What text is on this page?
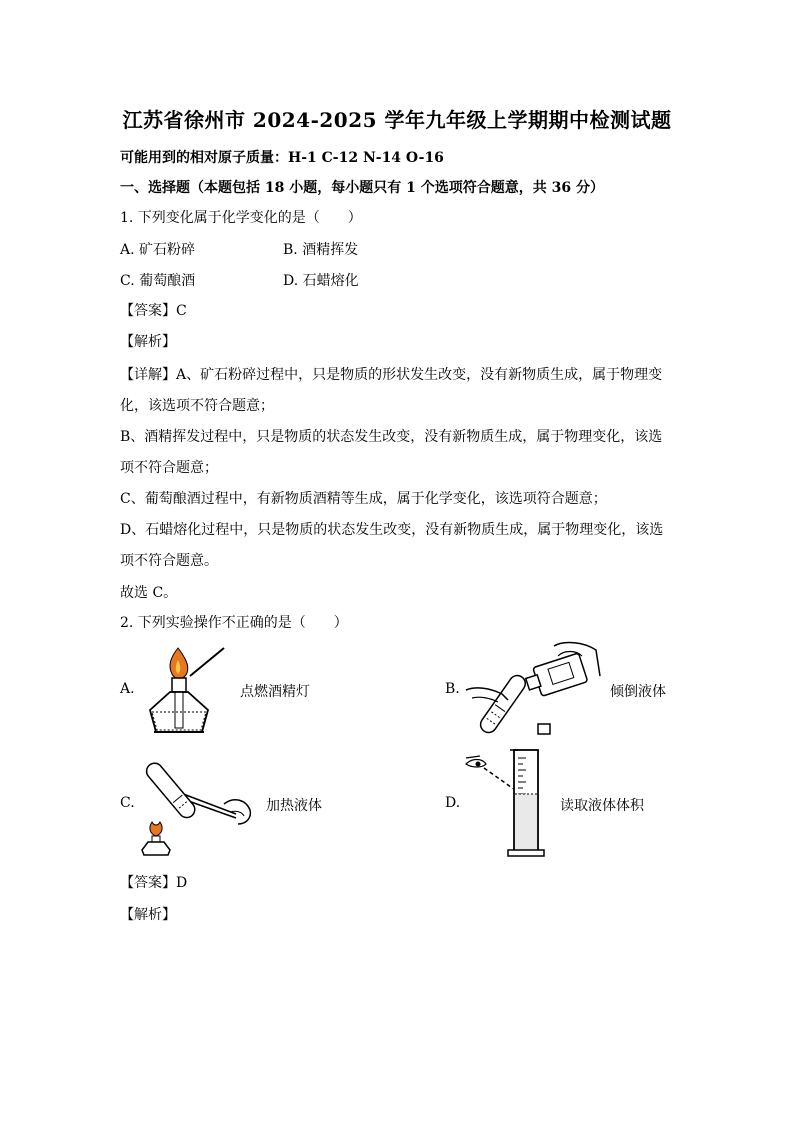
江苏省徐州市 2024-2025 学年九年级上学期期中检测试题
可能用到的相对原子质量：H-1 C-12 N-14 O-16
一、选择题（本题包括 18 小题，每小题只有 1 个选项符合题意，共 36 分）
1. 下列变化属于化学变化的是（　　）
A. 矿石粉碎	B. 酒精挥发
C. 葡萄酿酒	D. 石蜡熔化
【答案】C
【解析】
【详解】A、矿石粉碎过程中，只是物质的形状发生改变，没有新物质生成，属于物理变
化，该选项不符合题意；
B、酒精挥发过程中，只是物质的状态发生改变，没有新物质生成，属于物理变化，该选
项不符合题意；
C、葡萄酿酒过程中，有新物质酒精等生成，属于化学变化，该选项符合题意；
D、石蜡熔化过程中，只是物质的状态发生改变，没有新物质生成，属于物理变化，该选
项不符合题意。
故选 C。
2. 下列实验操作不正确的是（　　）
A.	点燃酒精灯	B.	倾倒液体
C.	加热液体	D.	读取液体体积
【答案】D
【解析】
